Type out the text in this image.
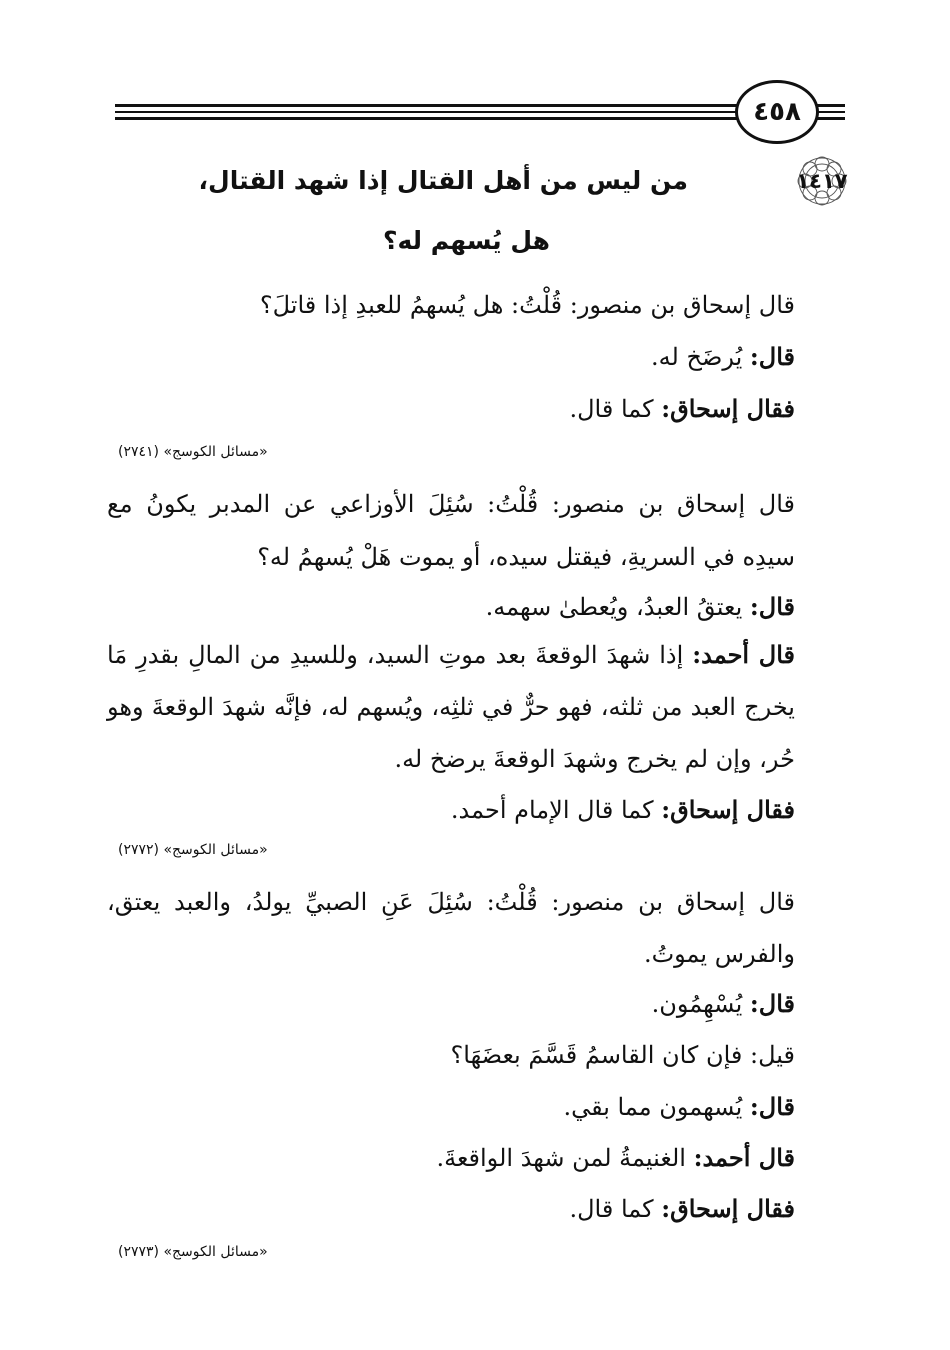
٤٥٨
١٤١٧
من ليس من أهل القتال إذا شهد القتال،
هل يُسهم له؟
قال إسحاق بن منصور: قُلْتُ: هل يُسهمُ للعبدِ إذا قاتلَ؟
قال: يُرضَخ له.
فقال إسحاق: كما قال.
«مسائل الكوسج» (٢٧٤١)
قال إسحاق بن منصور: قُلْتُ: سُئِلَ الأوزاعي عن المدبر يكونُ مع
سيدِه في السريةِ، فيقتل سيده، أو يموت هَلْ يُسهمُ له؟
قال: يعتقُ العبدُ، ويُعطىٰ سهمه.
قال أحمد: إذا شهدَ الوقعةَ بعد موتِ السيد، وللسيدِ من المالِ بقدرِ مَا
يخرج العبد من ثلثه، فهو حرٌّ في ثلثِه، ويُسهم له، فإنَّه شهدَ الوقعةَ وهو
حُر، وإن لم يخرج وشهدَ الوقعةَ يرضخ له.
فقال إسحاق: كما قال الإمام أحمد.
«مسائل الكوسج» (٢٧٧٢)
قال إسحاق بن منصور: قُلْتُ: سُئِلَ عَنِ الصبيِّ يولدُ، والعبد يعتق،
والفرس يموتُ.
قال: يُسْهِمُون.
قيل: فإن كان القاسمُ قَسَّمَ بعضَهَا؟
قال: يُسهمون مما بقي.
قال أحمد: الغنيمةُ لمن شهدَ الواقعةَ.
فقال إسحاق: كما قال.
«مسائل الكوسج» (٢٧٧٣)
